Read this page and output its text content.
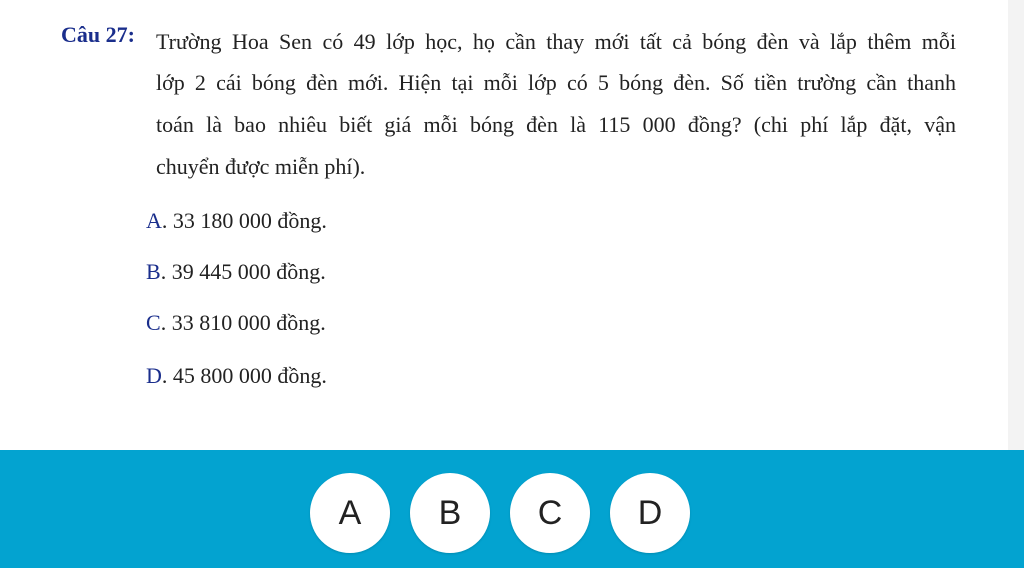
Câu 27: Trường Hoa Sen có 49 lớp học, họ cần thay mới tất cả bóng đèn và lắp thêm mỗi
lớp 2 cái bóng đèn mới. Hiện tại mỗi lớp có 5 bóng đèn. Số tiền trường cần thanh
toán là bao nhiêu biết giá mỗi bóng đèn là 115 000 đồng? (chi phí lắp đặt, vận
chuyển được miễn phí).
A. 33 180 000 đồng.
B. 39 445 000 đồng.
C. 33 810 000 đồng.
D. 45 800 000 đồng.
A	B	C	D
